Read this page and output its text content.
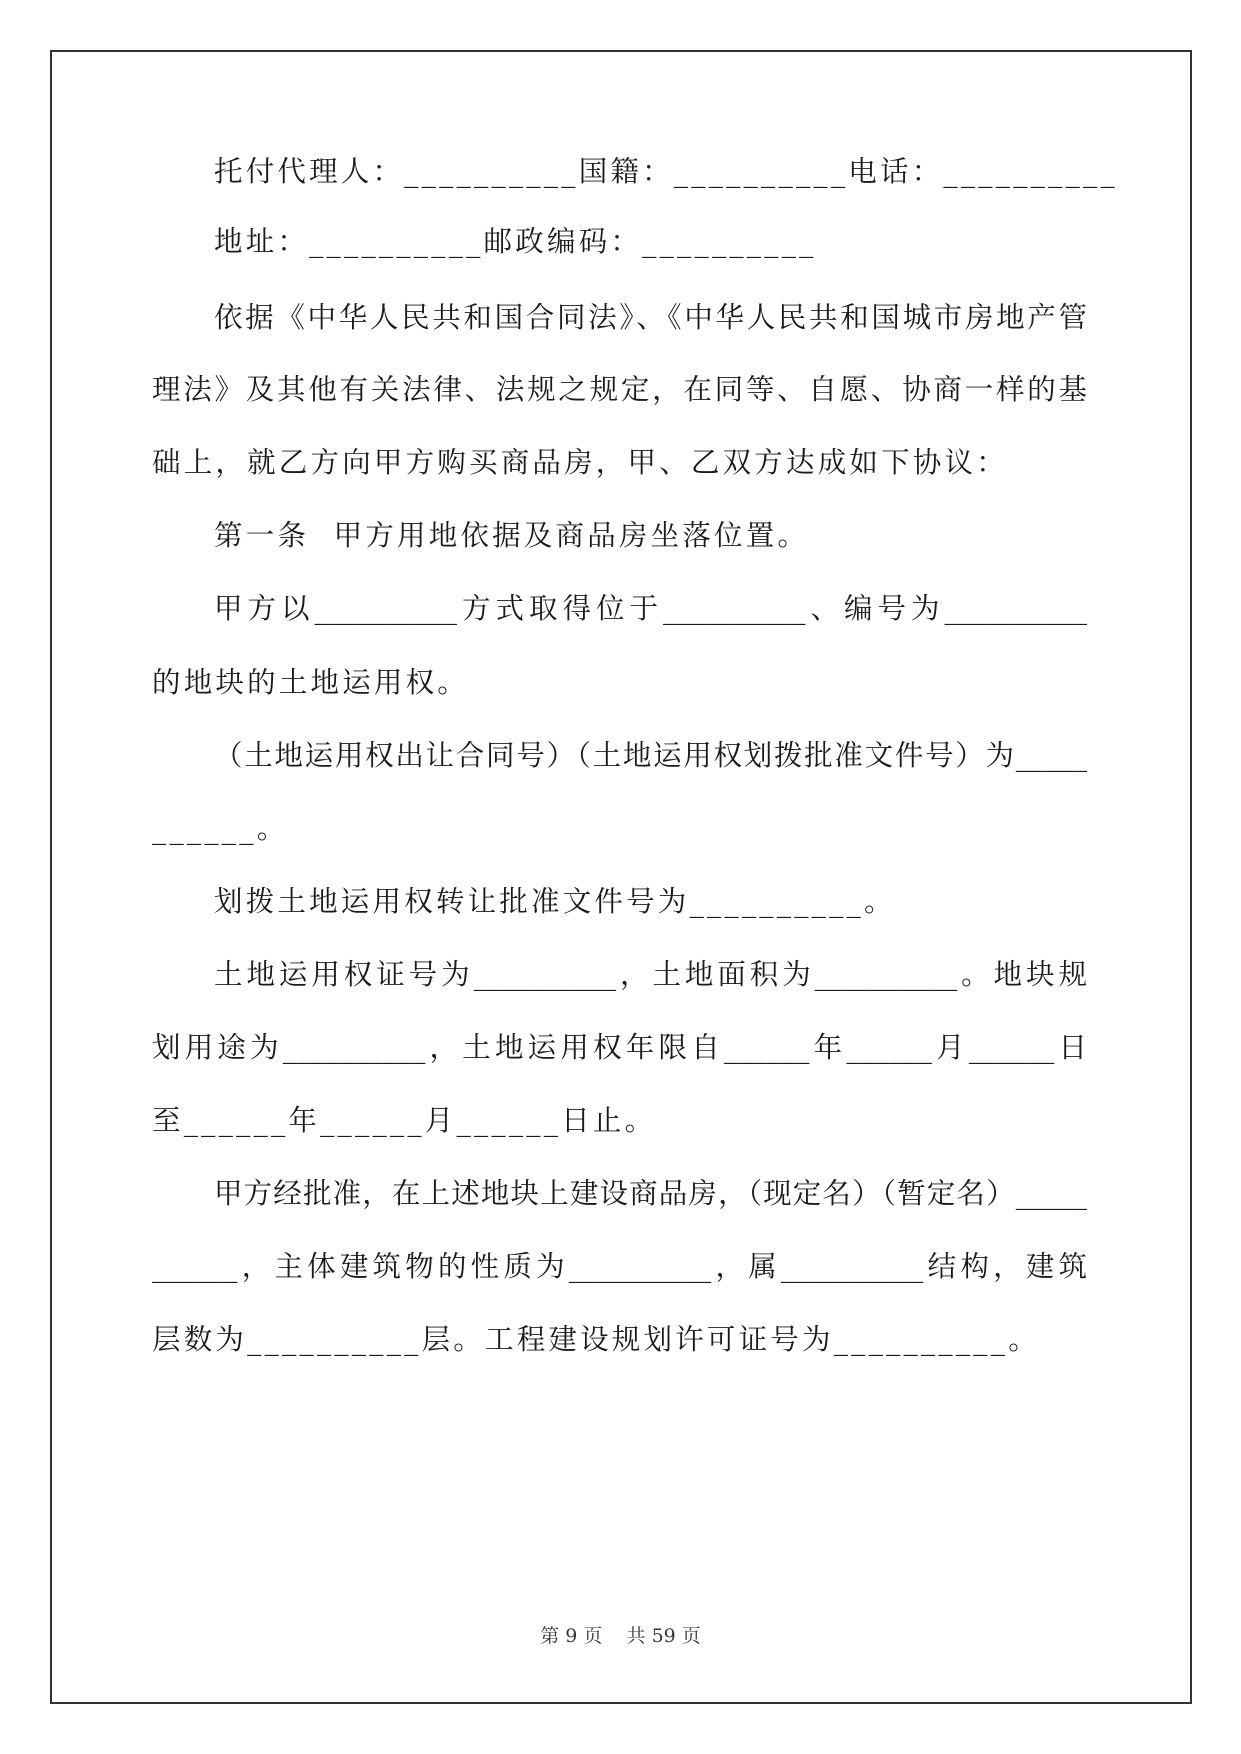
托付代理人：__________国籍：__________电话：__________
地址：__________邮政编码：__________
依据《中华人民共和国合同法》、《中华人民共和国城市房地产管
理法》及其他有关法律、法规之规定，在同等、自愿、协商一样的基
础上，就乙方向甲方购买商品房，甲、乙双方达成如下协议：
第一条  甲方用地依据及商品房坐落位置。
甲方以__________方式取得位于__________、编号为__________
的地块的土地运用权。
（土地运用权出让合同号）（土地运用权划拨批准文件号）为_____
______。
划拨土地运用权转让批准文件号为__________。
土地运用权证号为__________，土地面积为__________。地块规
划用途为__________，土地运用权年限自______年______月______日
至______年______月______日止。
甲方经批准，在上述地块上建设商品房，（现定名）（暂定名）_____
______，主体建筑物的性质为__________，属__________结构，建筑
层数为__________层。工程建设规划许可证号为__________。
第 9 页 共 59 页
